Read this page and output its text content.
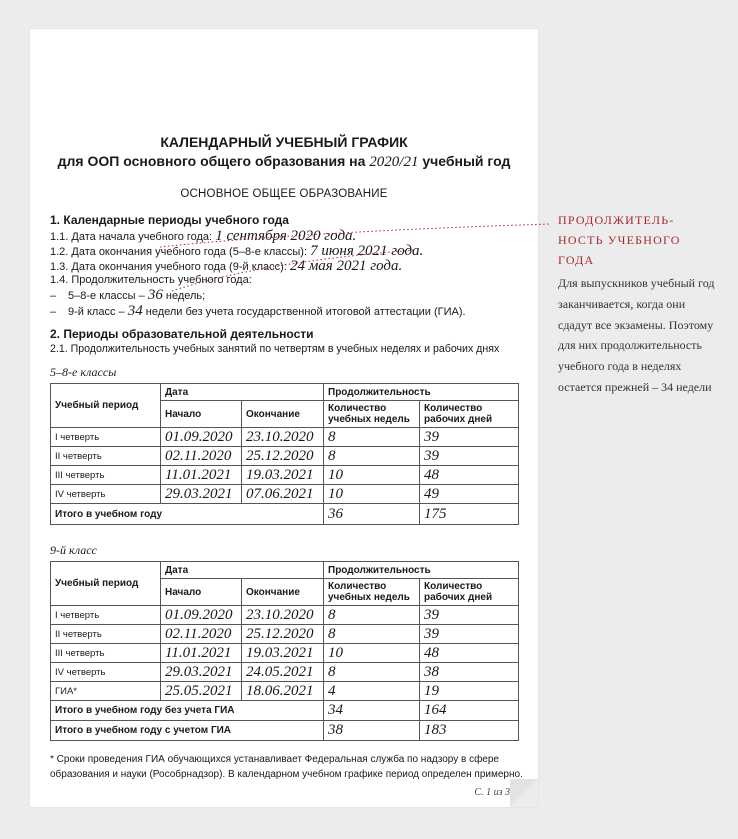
КАЛЕНДАРНЫЙ УЧЕБНЫЙ ГРАФИК
для ООП основного общего образования на 2020/21 учебный год
ОСНОВНОЕ ОБЩЕЕ ОБРАЗОВАНИЕ
1. Календарные периоды учебного года
1.1. Дата начала учебного года: 1 сентября 2020 года.
1.2. Дата окончания учебного года (5–8-е классы): 7 июня 2021 года.
1.3. Дата окончания учебного года (9-й класс): 24 мая 2021 года.
1.4. Продолжительность учебного года:
– 5–8-е классы – 36 недель;
– 9-й класс – 34 недели без учета государственной итоговой аттестации (ГИА).
2. Периоды образовательной деятельности
2.1. Продолжительность учебных занятий по четвертям в учебных неделях и рабочих днях
5–8-е классы
Учебный период	Дата		Продолжительность	
	Начало	Окончание	Количество учебных недель	Количество рабочих дней
I четверть	01.09.2020	23.10.2020	8	39
II четверть	02.11.2020	25.12.2020	8	39
III четверть	11.01.2021	19.03.2021	10	48
IV четверть	29.03.2021	07.06.2021	10	49
Итого в учебном году			36	175
9-й класс
Учебный период	Дата		Продолжительность	
	Начало	Окончание	Количество учебных недель	Количество рабочих дней
I четверть	01.09.2020	23.10.2020	8	39
II четверть	02.11.2020	25.12.2020	8	39
III четверть	11.01.2021	19.03.2021	10	48
IV четверть	29.03.2021	24.05.2021	8	38
ГИА*	25.05.2021	18.06.2021	4	19
Итого в учебном году без учета ГИА			34	164
Итого в учебном году с учетом ГИА			38	183
* Сроки проведения ГИА обучающихся устанавливает Федеральная служба по надзору в сфере образования и науки (Рособрнадзор). В календарном учебном графике период определен примерно.
С. 1 из 3
ПРОДОЛЖИТЕЛЬ-НОСТЬ УЧЕБНОГО ГОДА
Для выпускников учебный год заканчивается, когда они сдадут все экзамены. Поэтому для них продолжительность учебного года в неделях остается прежней – 34 недели
